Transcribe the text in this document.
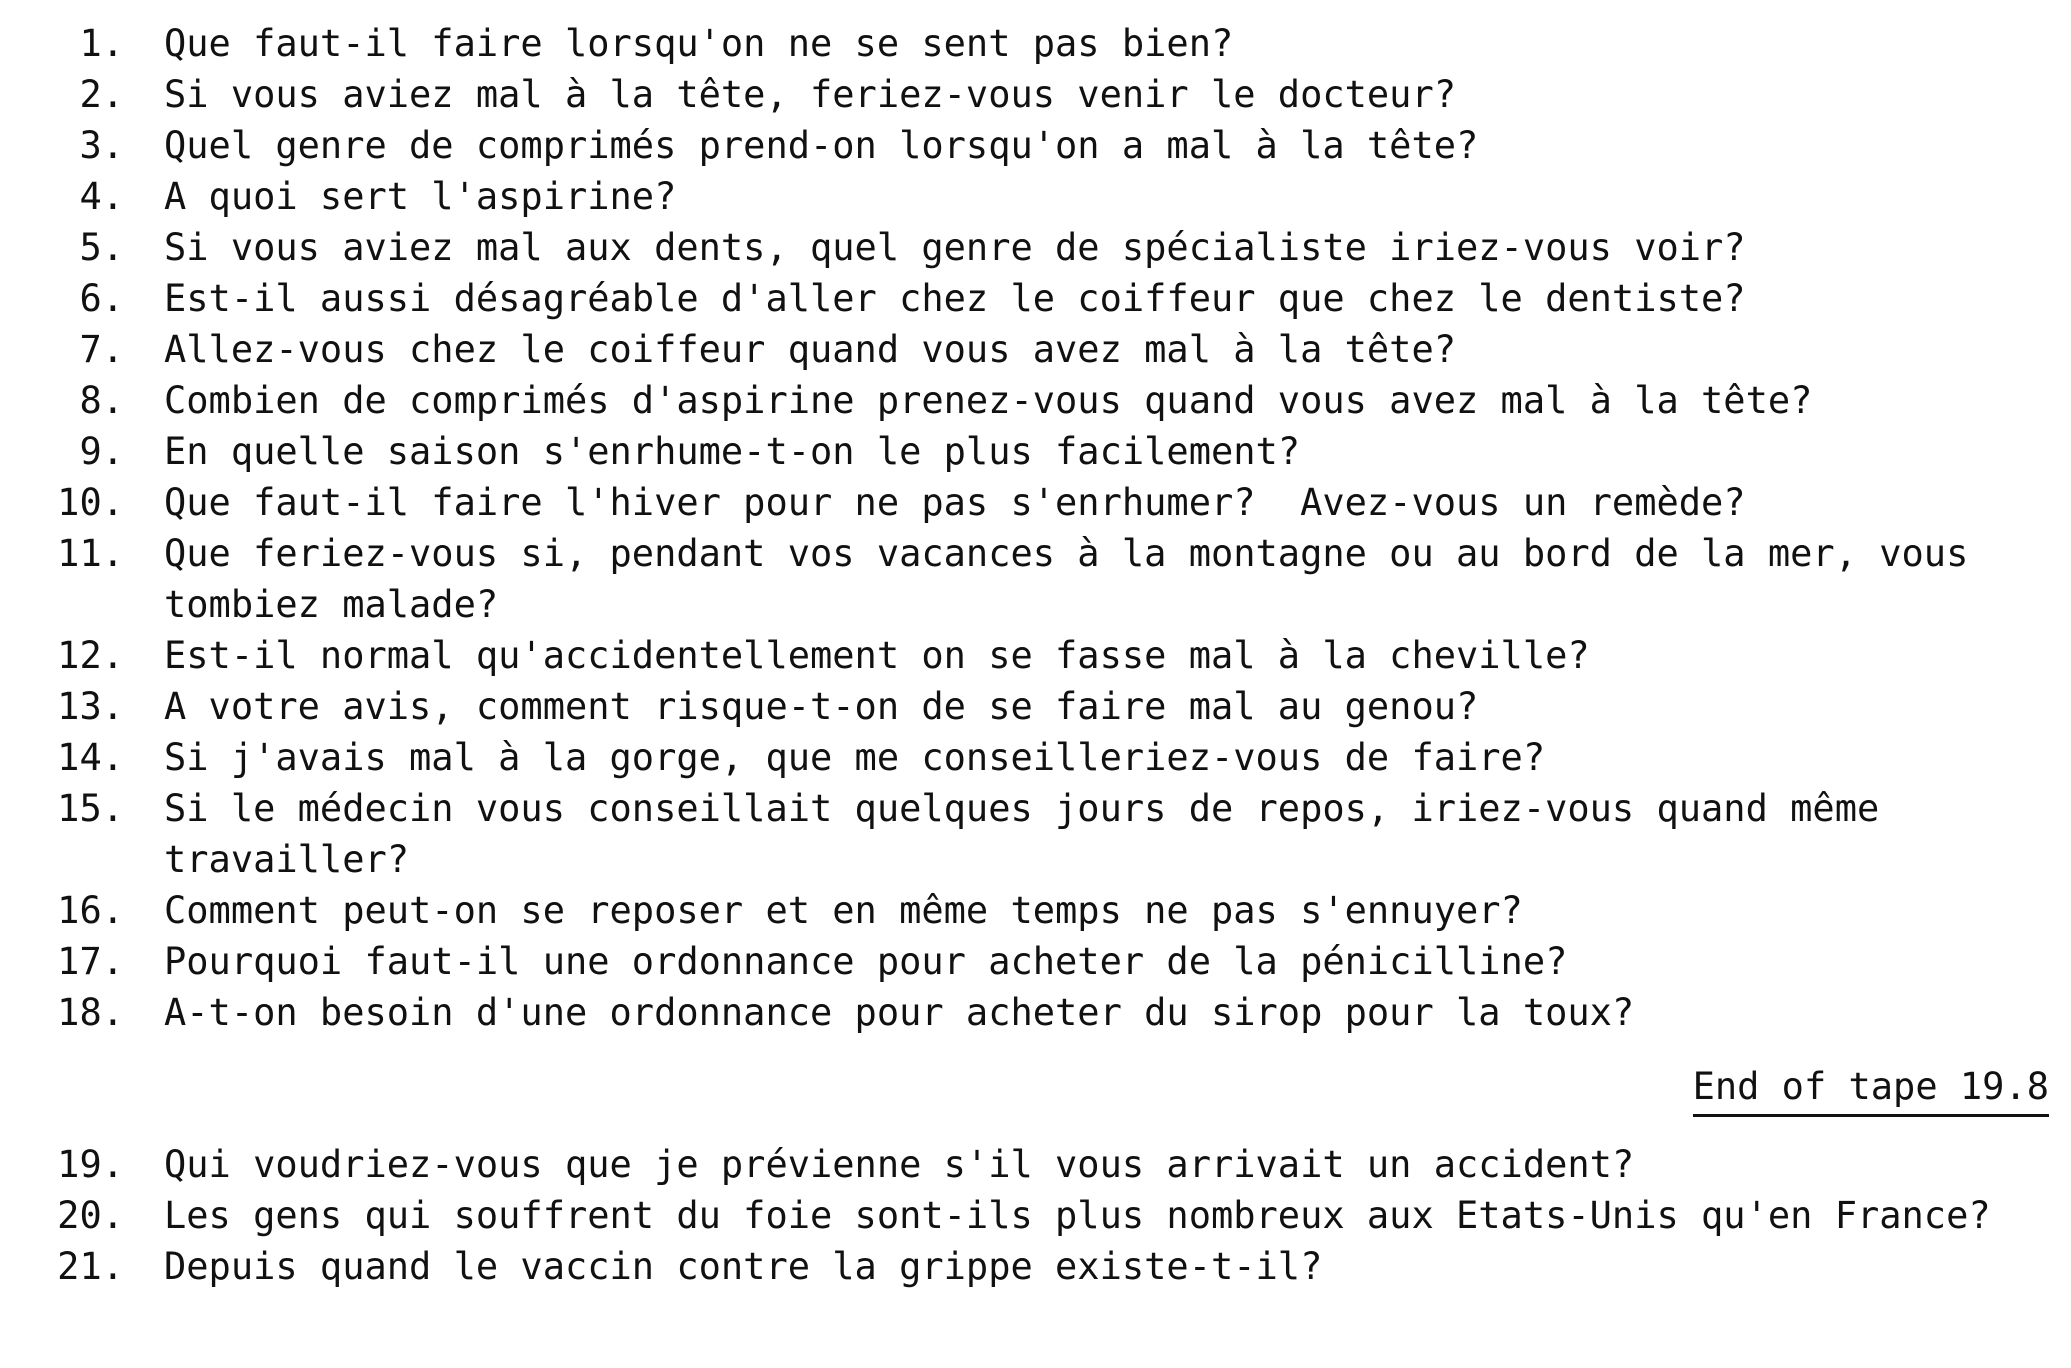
1.	Que faut-il faire lorsqu'on ne se sent pas bien?
2.	Si vous aviez mal à la tête, feriez-vous venir le docteur?
3.	Quel genre de comprimés prend-on lorsqu'on a mal à la tête?
4.	A quoi sert l'aspirine?
5.	Si vous aviez mal aux dents, quel genre de spécialiste iriez-vous voir?
6.	Est-il aussi désagréable d'aller chez le coiffeur que chez le dentiste?
7.	Allez-vous chez le coiffeur quand vous avez mal à la tête?
8.	Combien de comprimés d'aspirine prenez-vous quand vous avez mal à la tête?
9.	En quelle saison s'enrhume-t-on le plus facilement?
10.	Que faut-il faire l'hiver pour ne pas s'enrhumer?  Avez-vous un remède?
11.	Que feriez-vous si, pendant vos vacances à la montagne ou au bord de la mer, vous tombiez malade?
12.	Est-il normal qu'accidentellement on se fasse mal à la cheville?
13.	A votre avis, comment risque-t-on de se faire mal au genou?
14.	Si j'avais mal à la gorge, que me conseilleriez-vous de faire?
15.	Si le médecin vous conseillait quelques jours de repos, iriez-vous quand même travailler?
16.	Comment peut-on se reposer et en même temps ne pas s'ennuyer?
17.	Pourquoi faut-il une ordonnance pour acheter de la pénicilline?
18.	A-t-on besoin d'une ordonnance pour acheter du sirop pour la toux?
End of tape 19.8
19.	Qui voudriez-vous que je prévienne s'il vous arrivait un accident?
20.	Les gens qui souffrent du foie sont-ils plus nombreux aux Etats-Unis qu'en France?
21.	Depuis quand le vaccin contre la grippe existe-t-il?
